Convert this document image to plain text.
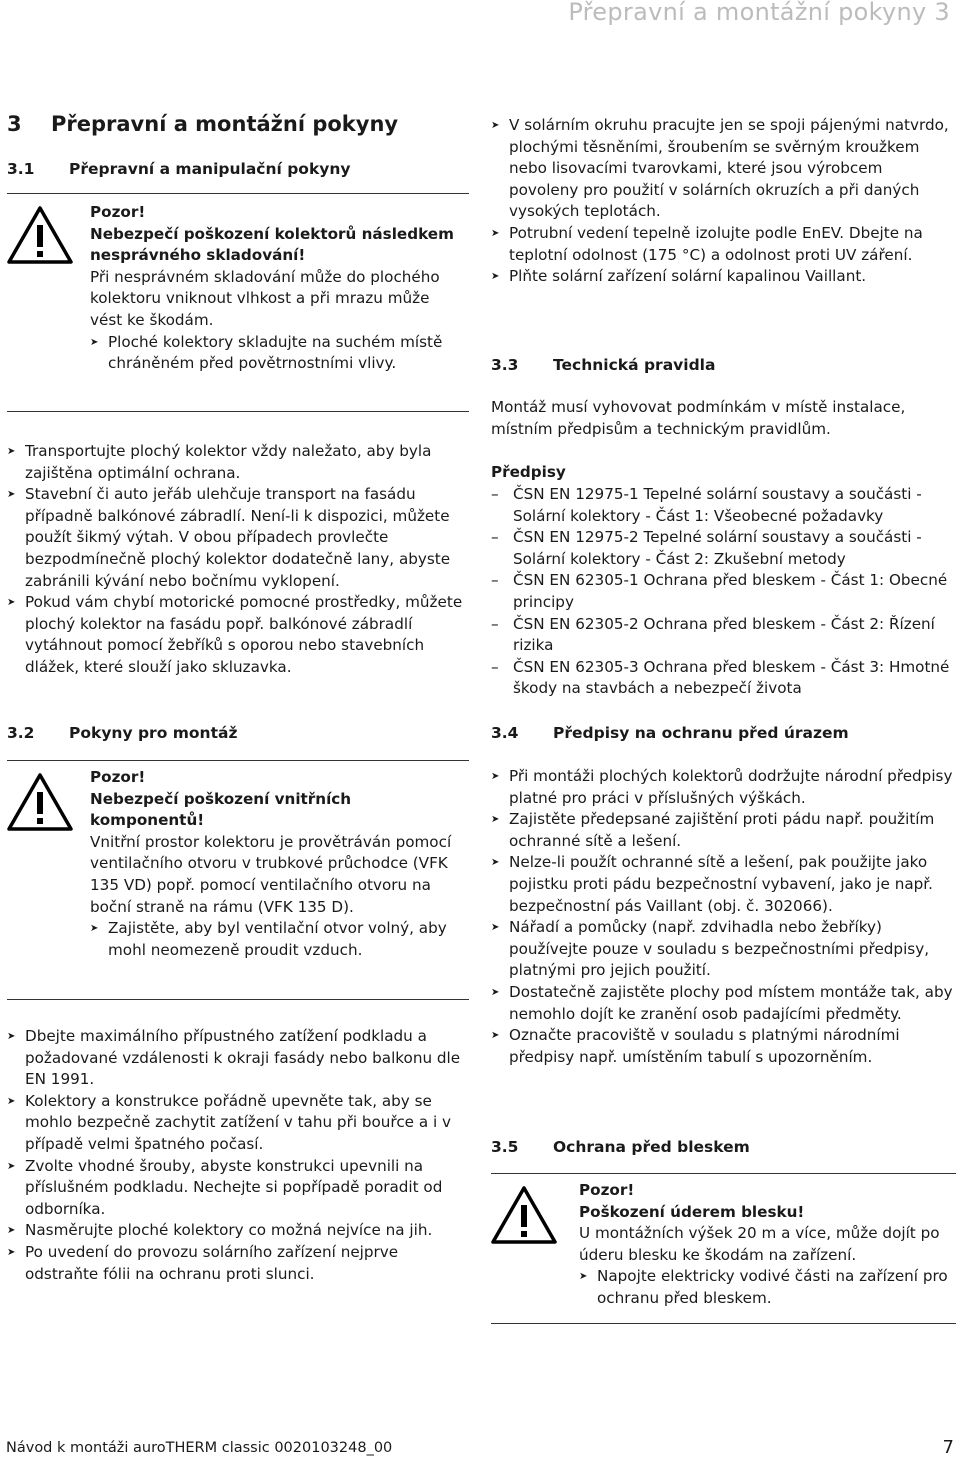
Přepravní a montážní pokyny 3
3 Přepravní a montážní pokyny
3.1 Přepravní a manipulační pokyny
Pozor!
Nebezpečí poškození kolektorů následkem nesprávného skladování!
Při nesprávném skladování může do plochého kolektoru vniknout vlhkost a při mrazu může vést ke škodám.
➤ Ploché kolektory skladujte na suchém místě chráněném před povětrnostními vlivy.
➤ Transportujte plochý kolektor vždy naležato, aby byla zajištěna optimální ochrana.
➤ Stavební či auto jeřáb ulehčuje transport na fasádu případně balkónové zábradlí. Není-li k dispozici, můžete použít šikmý výtah. V obou případech provlečte bezpodmínečně plochý kolektor dodatečně lany, abyste zabránili kývání nebo bočnímu vyklopení.
➤ Pokud vám chybí motorické pomocné prostředky, můžete plochý kolektor na fasádu popř. balkónové zábradlí vytáhnout pomocí žebříků s oporou nebo stavebních dlážek, které slouží jako skluzavka.
3.2 Pokyny pro montáž
Pozor!
Nebezpečí poškození vnitřních komponentů!
Vnitřní prostor kolektoru je provětráván pomocí ventilačního otvoru v trubkové průchodce (VFK 135 VD) popř. pomocí ventilačního otvoru na boční straně na rámu (VFK 135 D).
➤ Zajistěte, aby byl ventilační otvor volný, aby mohl neomezeně proudit vzduch.
➤ Dbejte maximálního přípustného zatížení podkladu a požadované vzdálenosti k okraji fasády nebo balkonu dle EN 1991.
➤ Kolektory a konstrukce pořádně upevněte tak, aby se mohlo bezpečně zachytit zatížení v tahu při bouřce a i v případě velmi špatného počasí.
➤ Zvolte vhodné šrouby, abyste konstrukci upevnili na příslušném podkladu. Nechejte si popřípadě poradit od odborníka.
➤ Nasměrujte ploché kolektory co možná nejvíce na jih.
➤ Po uvedení do provozu solárního zařízení nejprve odstraňte fólii na ochranu proti slunci.
➤ V solárním okruhu pracujte jen se spoji pájenými natvrdo, plochými těsněními, šroubením se svěrným kroužkem nebo lisovacími tvarovkami, které jsou výrobcem povoleny pro použití v solárních okruzích a při daných vysokých teplotách.
➤ Potrubní vedení tepelně izolujte podle EnEV. Dbejte na teplotní odolnost (175 °C) a odolnost proti UV záření.
➤ Plňte solární zařízení solární kapalinou Vaillant.
3.3 Technická pravidla
Montáž musí vyhovovat podmínkám v místě instalace, místním předpisům a technickým pravidlům.
Předpisy
– ČSN EN 12975-1 Tepelné solární soustavy a součásti - Solární kolektory - Část 1: Všeobecné požadavky
– ČSN EN 12975-2 Tepelné solární soustavy a součásti - Solární kolektory - Část 2: Zkušební metody
– ČSN EN 62305-1 Ochrana před bleskem - Část 1: Obecné principy
– ČSN EN 62305-2 Ochrana před bleskem - Část 2: Řízení rizika
– ČSN EN 62305-3 Ochrana před bleskem - Část 3: Hmotné škody na stavbách a nebezpečí života
3.4 Předpisy na ochranu před úrazem
➤ Při montáži plochých kolektorů dodržujte národní předpisy platné pro práci v příslušných výškách.
➤ Zajistěte předepsané zajištění proti pádu např. použitím ochranné sítě a lešení.
➤ Nelze-li použít ochranné sítě a lešení, pak použijte jako pojistku proti pádu bezpečnostní vybavení, jako je např. bezpečnostní pás Vaillant (obj. č. 302066).
➤ Nářadí a pomůcky (např. zdvihadla nebo žebříky) používejte pouze v souladu s bezpečnostními předpisy, platnými pro jejich použití.
➤ Dostatečně zajistěte plochy pod místem montáže tak, aby nemohlo dojít ke zranění osob padajícími předměty.
➤ Označte pracoviště v souladu s platnými národními předpisy např. umístěním tabulí s upozorněním.
3.5 Ochrana před bleskem
Pozor!
Poškození úderem blesku!
U montážních výšek 20 m a více, může dojít po úderu blesku ke škodám na zařízení.
➤ Napojte elektricky vodivé části na zařízení pro ochranu před bleskem.
Návod k montáži auroTHERM classic 0020103248_00	7
